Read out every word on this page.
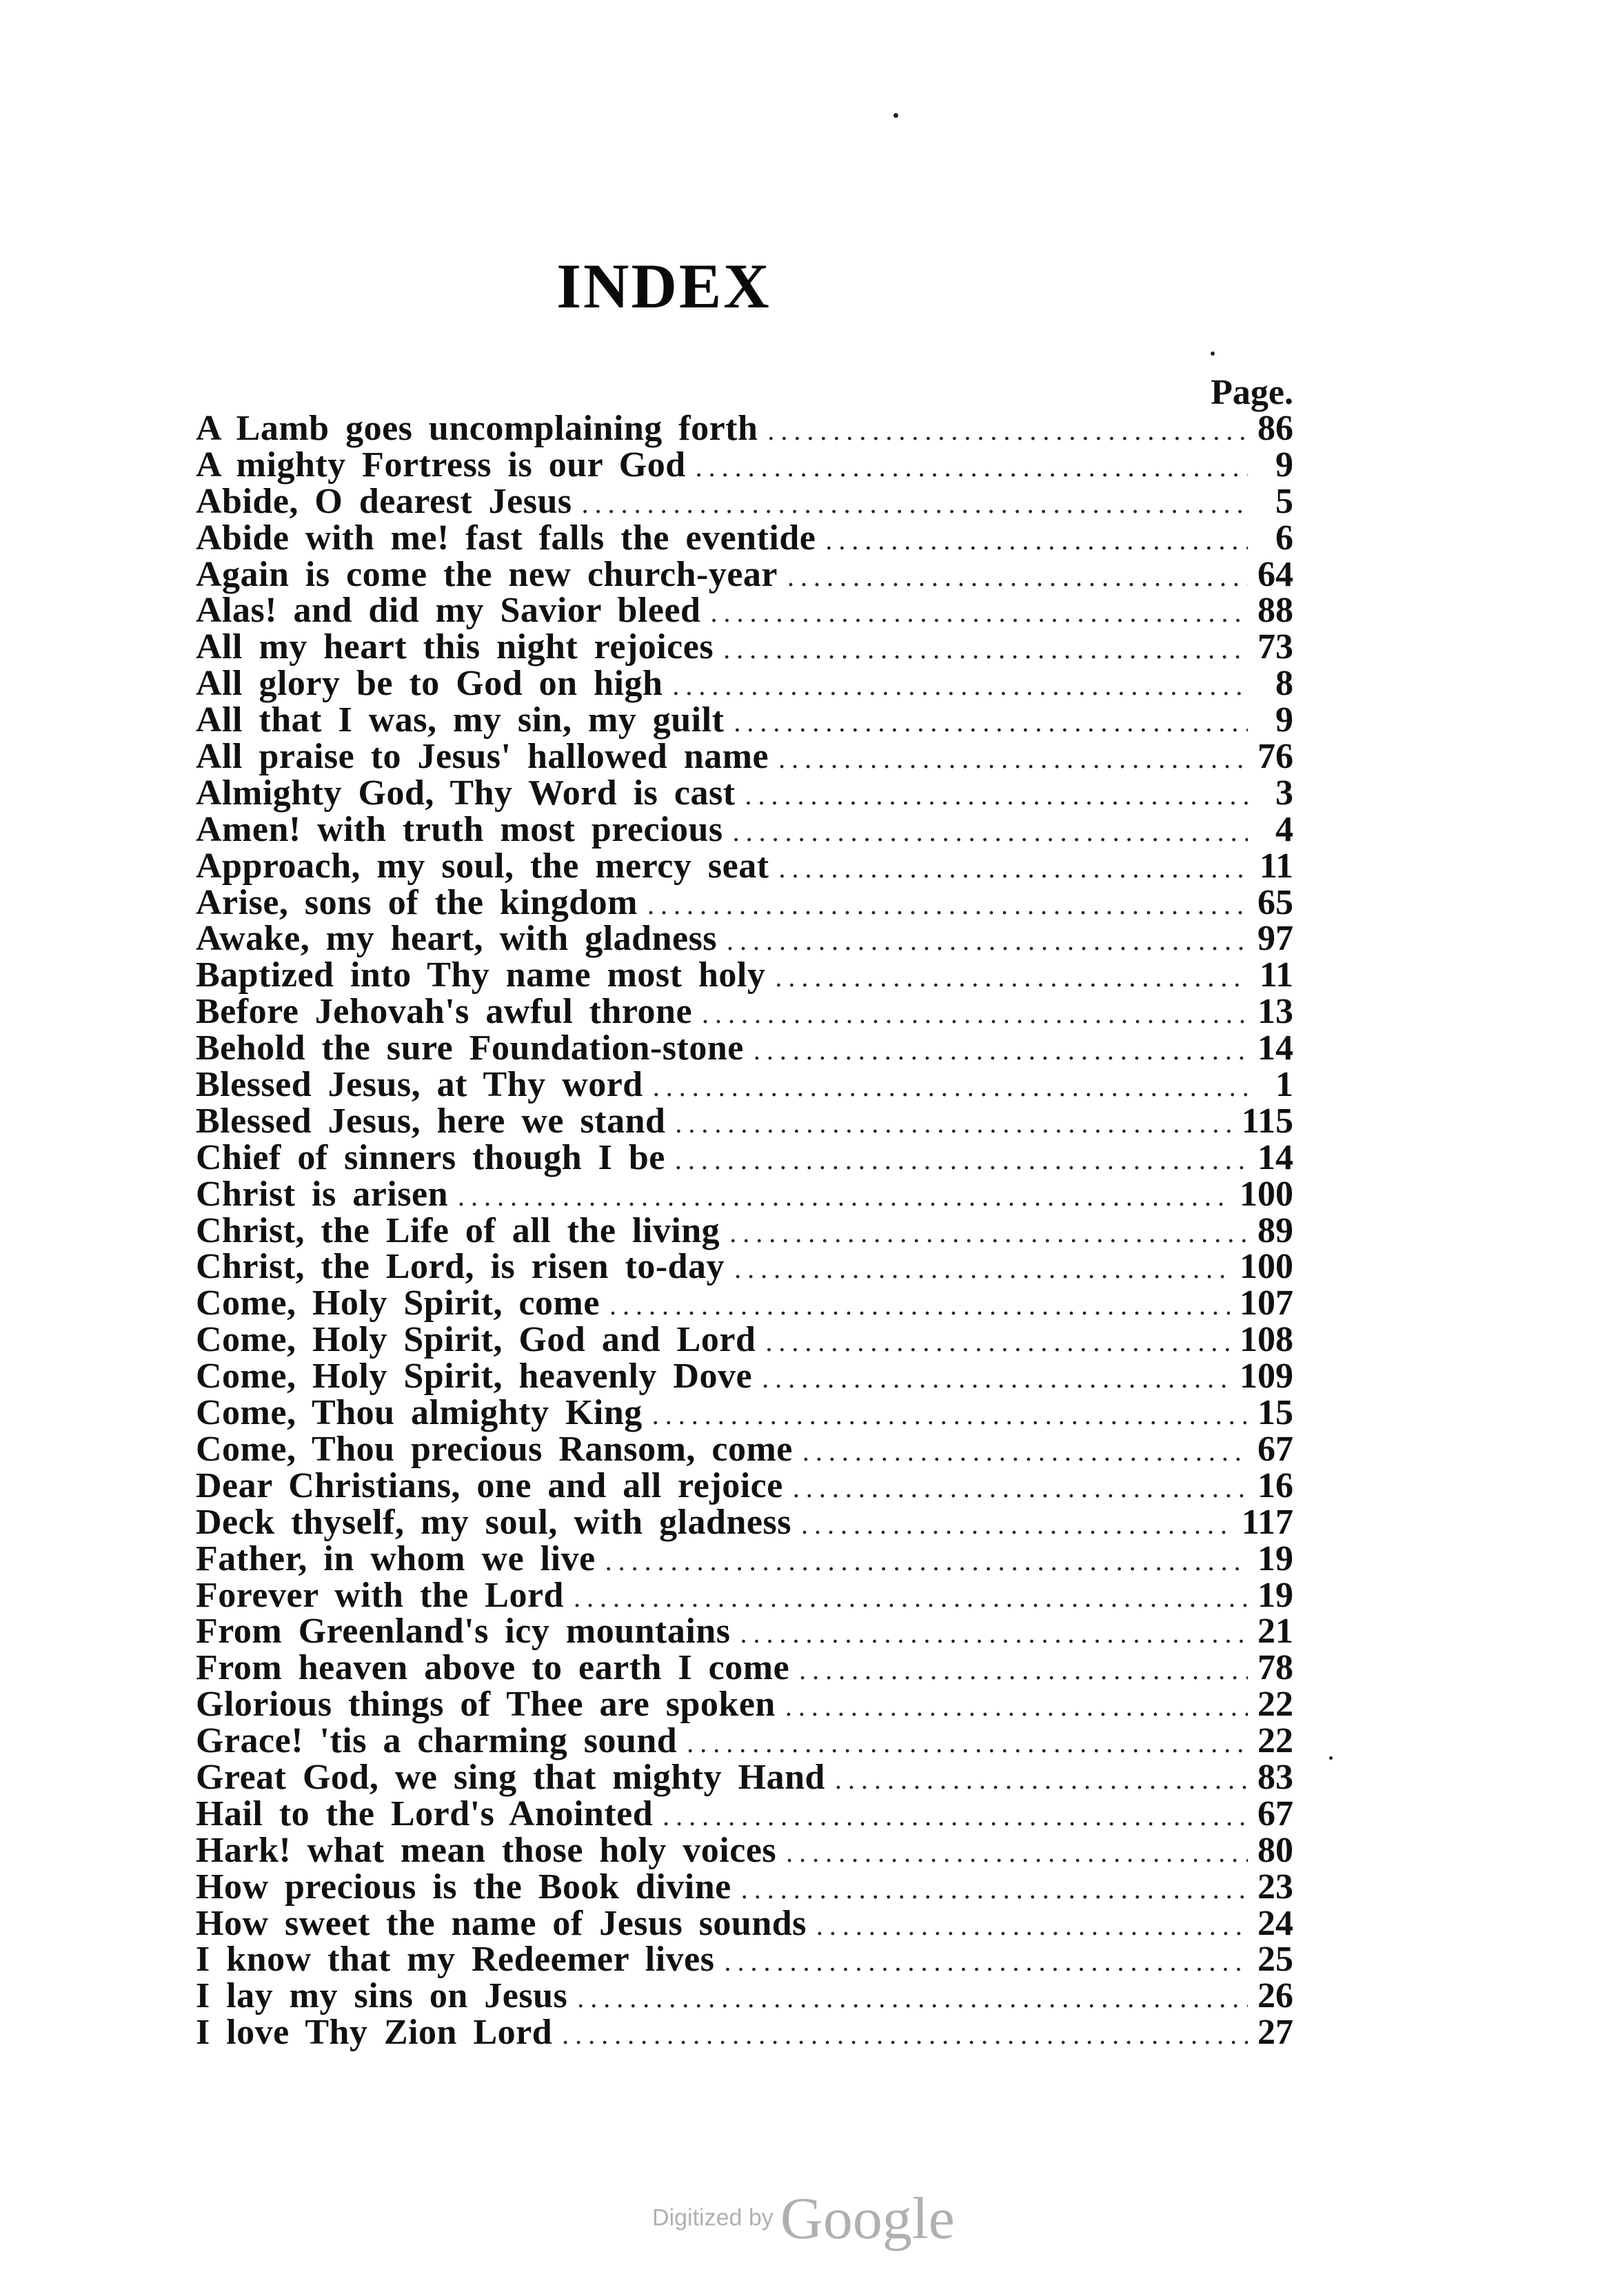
INDEX
Page.
A Lamb goes uncomplaining forth .....	86
A mighty Fortress is our God .....	9
Abide, O dearest Jesus .....	5
Abide with me! fast falls the eventide .....	6
Again is come the new church-year .....	64
Alas! and did my Savior bleed .....	88
All my heart this night rejoices .....	73
All glory be to God on high .....	8
All that I was, my sin, my guilt .....	9
All praise to Jesus' hallowed name .....	76
Almighty God, Thy Word is cast .....	3
Amen! with truth most precious .....	4
Approach, my soul, the mercy seat .....	11
Arise, sons of the kingdom .....	65
Awake, my heart, with gladness .....	97
Baptized into Thy name most holy .....	11
Before Jehovah's awful throne .....	13
Behold the sure Foundation-stone .....	14
Blessed Jesus, at Thy word .....	1
Blessed Jesus, here we stand .....	115
Chief of sinners though I be .....	14
Christ is arisen .....	100
Christ, the Life of all the living .....	89
Christ, the Lord, is risen to-day .....	100
Come, Holy Spirit, come .....	107
Come, Holy Spirit, God and Lord .....	108
Come, Holy Spirit, heavenly Dove .....	109
Come, Thou almighty King .....	15
Come, Thou precious Ransom, come .....	67
Dear Christians, one and all rejoice .....	16
Deck thyself, my soul, with gladness .....	117
Father, in whom we live .....	19
Forever with the Lord .....	19
From Greenland's icy mountains .....	21
From heaven above to earth I come .....	78
Glorious things of Thee are spoken .....	22
Grace! 'tis a charming sound .....	22
Great God, we sing that mighty Hand .....	83
Hail to the Lord's Anointed .....	67
Hark! what mean those holy voices .....	80
How precious is the Book divine .....	23
How sweet the name of Jesus sounds .....	24
I know that my Redeemer lives .....	25
I lay my sins on Jesus .....	26
I love Thy Zion Lord .....	27
Digitized by Google
